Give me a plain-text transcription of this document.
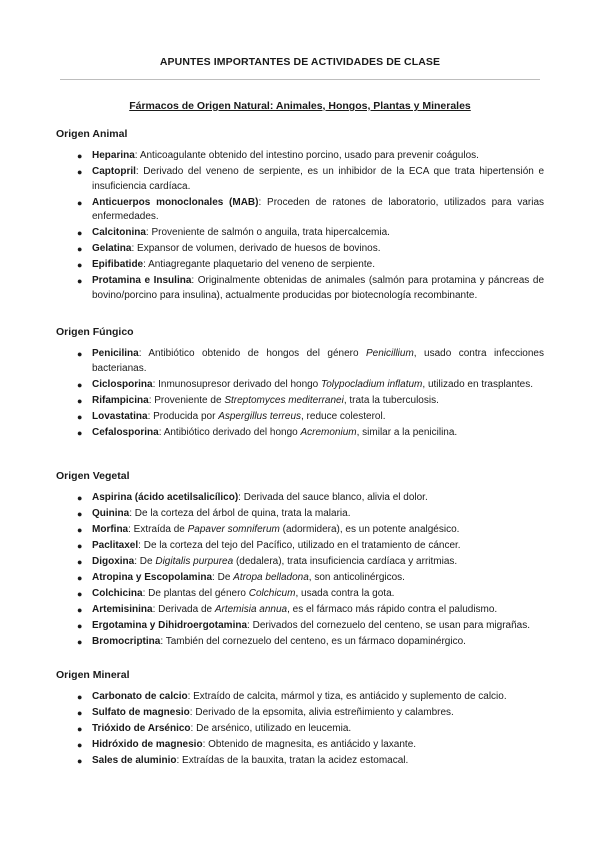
APUNTES IMPORTANTES DE ACTIVIDADES DE CLASE
Fármacos de Origen Natural: Animales, Hongos, Plantas y Minerales
Origen Animal
● Heparina: Anticoagulante obtenido del intestino porcino, usado para prevenir coágulos.
● Captopril: Derivado del veneno de serpiente, es un inhibidor de la ECA que trata hipertensión e insuficiencia cardíaca.
● Anticuerpos monoclonales (MAB): Proceden de ratones de laboratorio, utilizados para varias enfermedades.
● Calcitonina: Proveniente de salmón o anguila, trata hipercalcemia.
● Gelatina: Expansor de volumen, derivado de huesos de bovinos.
● Epifibatide: Antiagregante plaquetario del veneno de serpiente.
● Protamina e Insulina: Originalmente obtenidas de animales (salmón para protamina y páncreas de bovino/porcino para insulina), actualmente producidas por biotecnología recombinante.
Origen Fúngico
● Penicilina: Antibiótico obtenido de hongos del género Penicillium, usado contra infecciones bacterianas.
● Ciclosporina: Inmunosupresor derivado del hongo Tolypocladium inflatum, utilizado en trasplantes.
● Rifampicina: Proveniente de Streptomyces mediterranei, trata la tuberculosis.
● Lovastatina: Producida por Aspergillus terreus, reduce colesterol.
● Cefalosporina: Antibiótico derivado del hongo Acremonium, similar a la penicilina.
Origen Vegetal
● Aspirina (ácido acetilsalicílico): Derivada del sauce blanco, alivia el dolor.
● Quinina: De la corteza del árbol de quina, trata la malaria.
● Morfina: Extraída de Papaver somniferum (adormidera), es un potente analgésico.
● Paclitaxel: De la corteza del tejo del Pacífico, utilizado en el tratamiento de cáncer.
● Digoxina: De Digitalis purpurea (dedalera), trata insuficiencia cardíaca y arritmias.
● Atropina y Escopolamina: De Atropa belladona, son anticolinérgicos.
● Colchicina: De plantas del género Colchicum, usada contra la gota.
● Artemisinina: Derivada de Artemisia annua, es el fármaco más rápido contra el paludismo.
● Ergotamina y Dihidroergotamina: Derivados del cornezuelo del centeno, se usan para migrañas.
● Bromocriptina: También del cornezuelo del centeno, es un fármaco dopaminérgico.
Origen Mineral
● Carbonato de calcio: Extraído de calcita, mármol y tiza, es antiácido y suplemento de calcio.
● Sulfato de magnesio: Derivado de la epsomita, alivia estreñimiento y calambres.
● Trióxido de Arsénico: De arsénico, utilizado en leucemia.
● Hidróxido de magnesio: Obtenido de magnesita, es antiácido y laxante.
● Sales de aluminio: Extraídas de la bauxita, tratan la acidez estomacal.
